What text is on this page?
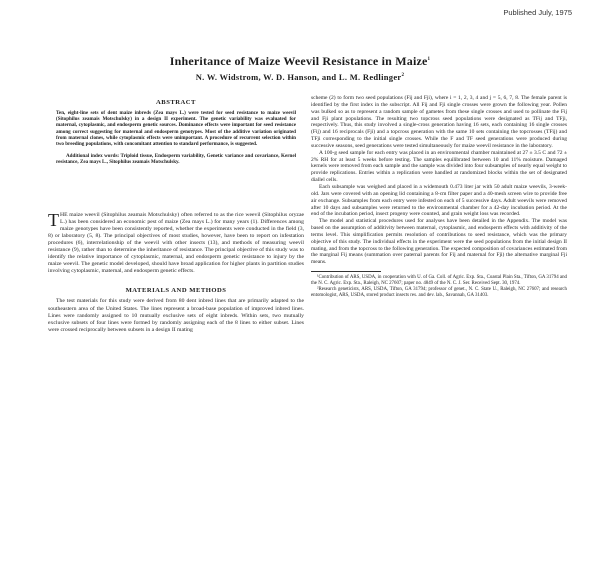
Published July, 1975
Inheritance of Maize Weevil Resistance in Maize$^1$
N. W. Widstrom, W. D. Hanson, and L. M. Redlinger$^2$
ABSTRACT

Ten, eight-line sets of dent maize inbreds (Zea mays L.) were tested for seed resistance to maize weevil (Sitophilus zeamais Motschulsky) in a design II experiment. The genetic variability was evaluated for maternal, cytoplasmic, and endosperm genetic sources. Dominance effects were important for seed resistance among correct suggesting for maternal and endosperm genotypes. Most of the additive variation originated from maternal clones, while cytoplasmic effects were unimportant. A procedure of recurrent selection within two breeding populations, with concomitant attention to standard performance, is suggested.

Additional index words: Triploid tissue, Endosperm variability, Genetic variance and covariance, Kernel resistance, Zea mays L., Sitophilus zeamais Motschulsky.

THE maize weevil (Sitophilus zeamais Motschulsky) often referred to as the rice weevil (Sitophilus oryzae L.) has been considered an economic pest of maize (Zea mays L.) for many years (1). Differences among maize genotypes have been consistently reported, whether the experiments were conducted in the field (3, 8) or laboratory (5, 8). The principal objectives of most studies, however, have been to report on infestation procedures (6), interrelationship of the weevil with other insects (13), and methods of measuring weevil resistance (9), rather than to determine the inheritance of resistance. The principal objective of this study was to identify the relative importance of cytoplasmic, maternal, and endosperm genetic resistance to injury by the maize weevil. The genetic model developed, should have broad application for higher plants in partition studies involving cytoplasmic, maternal, and endosperm genetic effects.

MATERIALS AND METHODS

The test materials for this study were derived from 80 dent inbred lines that are primarily adapted to the southeastern area of the United States. The lines represent a broad-base population of improved inbred lines. Lines were randomly assigned to 10 mutually exclusive sets of eight inbreds. Within sets, two mutually exclusive subsets of four lines were formed by randomly assigning each of the 8 lines to either subset. Lines were crossed reciprocally between subsets in a design II mating

scheme (2) to form two seed populations (Fij and Fji), where i = 1, 2, 3, 4 and j = 5, 6, 7, 8. The female parent is identified by the first index in the subscript. All Fij and Fji single crosses were grown the following year. Pollen was bulked so as to represent a random sample of gametes from these single crosses and used to pollinate the Fij and Fji plant populations. The resulting two topcross seed populations were designated as TFij and TFji, respectively. Thus, this study involved a single-cross generation having 16 sets, each containing 16 single crosses (Fij) and 16 reciprocals (Fji) and a topcross generation with the same 10 sets containing the topcrosses (TFij) and TFji corresponding to the initial single crosses. While the F and TF seed generations were produced during successive seasons, seed generations were tested simultaneously for maize weevil resistance in the laboratory.

A 100-g seed sample for each entry was placed in an environmental chamber maintained at 27 ± 3.5 C and 72 ± 2% RH for at least 5 weeks before testing. The samples equilibrated between 10 and 11% moisture. Damaged kernels were removed from each sample and the sample was divided into four subsamples of nearly equal weight to provide replications. Entries within a replication were handled at randomized blocks within the set of designated diallel cells.

Each subsample was weighed and placed in a widemouth 0.473 liter jar with 50 adult maize weevils, 3-week-old. Jars were covered with an opening lid containing a 8-cm filter paper and a 40-mesh screen wire to provide free air exchange. Subsamples from each entry were infested on each of 5 successive days. Adult weevils were removed after 10 days and subsamples were returned to the environmental chamber for a 42-day incubation period. At the end of the incubation period, insect progeny were counted, and grain weight loss was recorded.

The model and statistical procedures used for analyses have been detailed in the Appendix. The model was based on the assumption of additivity between maternal, cytoplasmic, and endosperm effects with additivity of the terms level. This simplification permits resolution of contributions to seed resistance, which was the primary objective of this study. The individual effects in the experiment were the seed populations from the initial design II mating, and from the topcross to the following generation. The expected composition of covariances estimated from the marginal Fij means (summation over paternal parents for Fij and maternal for Fji) the alternative marginal Fji means.

¹Contribution of ARS, USDA, in cooperation with U. of Ga. Coll. of Agric. Exp. Sta., Coastal Plain Sta., Tifton, GA 31794 and the N. C. Agric. Exp. Sta., Raleigh, NC 27607; paper no. 4849 of the N. C. J. Ser. Received Sept. 30, 1974.

²Research geneticists, ARS, USDA, Tifton, GA 31794; professor of genet., N. C. State U., Raleigh, NC 27607; and research entomologist, ARS, USDA, stored product insects res. and dev. lab., Savannah, GA 31403.
